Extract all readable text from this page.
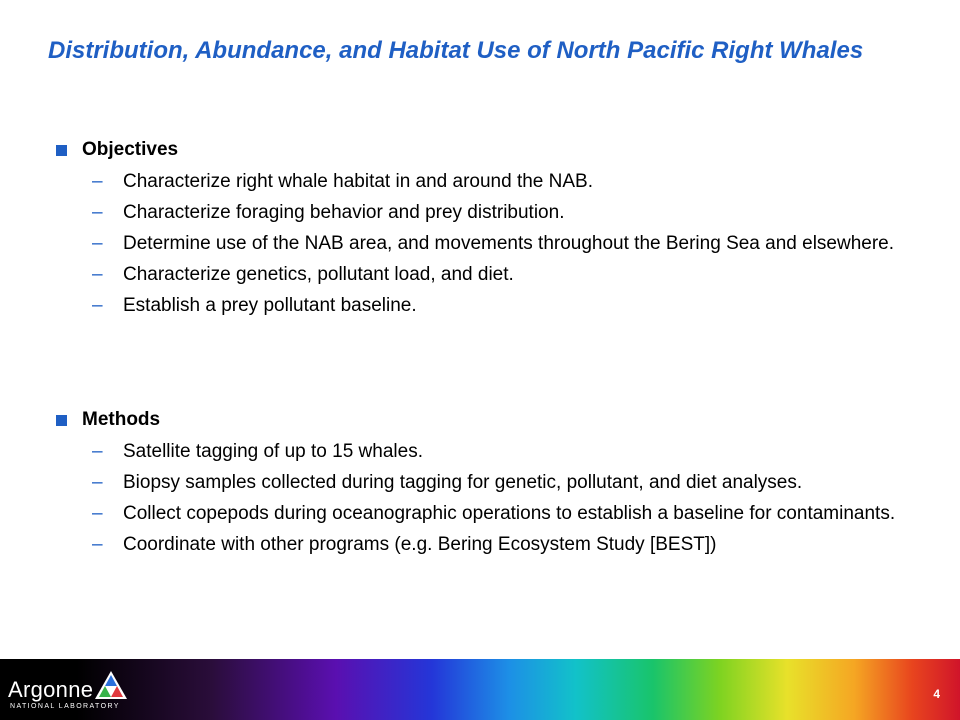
Distribution, Abundance, and Habitat Use of North Pacific Right Whales
Objectives
– Characterize right whale habitat in and around the NAB.
– Characterize foraging behavior and prey distribution.
– Determine use of the NAB area, and movements throughout the Bering Sea and elsewhere.
– Characterize genetics, pollutant load, and diet.
– Establish a prey pollutant baseline.
Methods
– Satellite tagging of up to 15 whales.
– Biopsy samples collected during tagging for genetic, pollutant, and diet analyses.
– Collect copepods during oceanographic operations to establish a baseline for contaminants.
– Coordinate with other programs (e.g. Bering Ecosystem Study [BEST])
Argonne
NATIONAL LABORATORY
4
